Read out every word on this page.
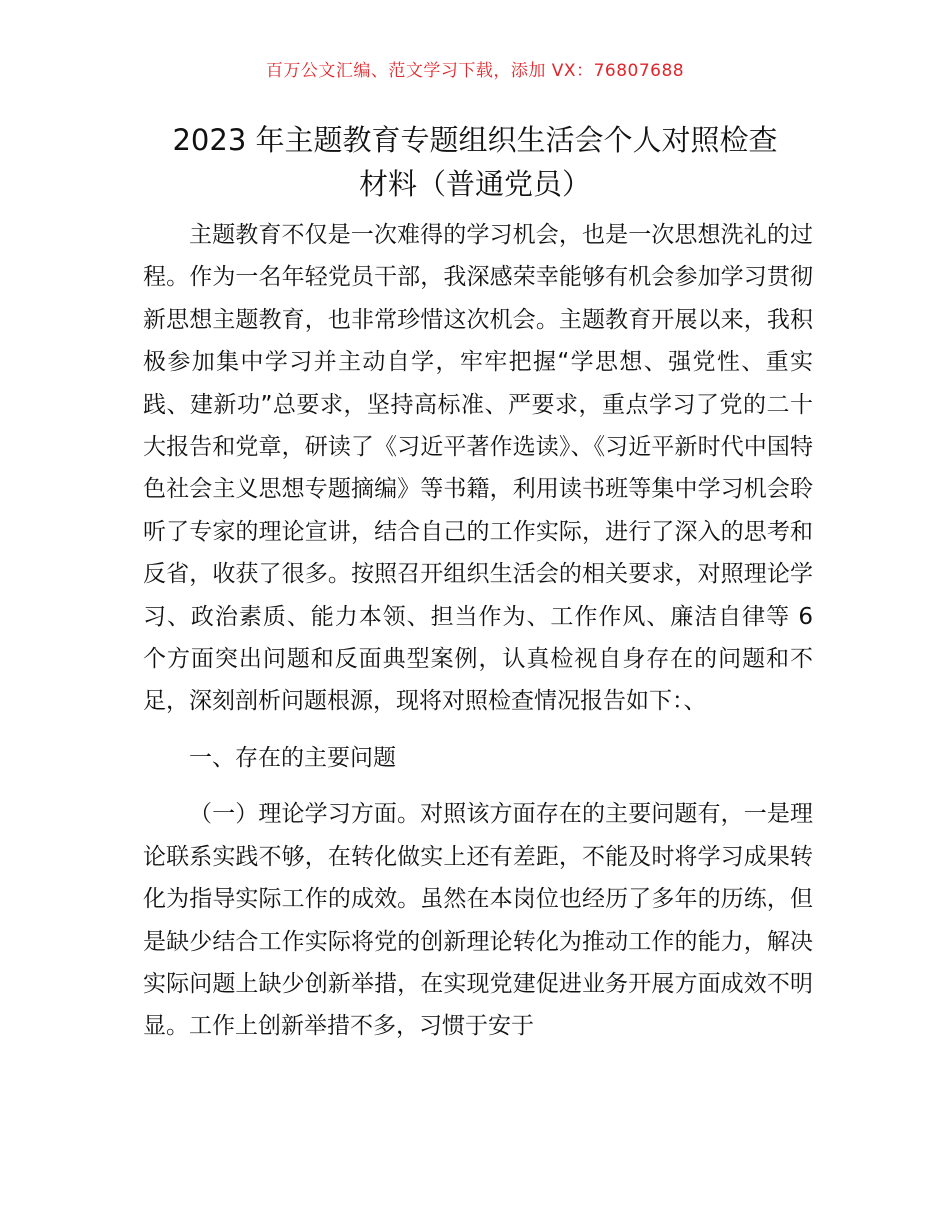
百万公文汇编、范文学习下载，添加 VX：76807688
2023 年主题教育专题组织生活会个人对照检查
材料（普通党员）

主题教育不仅是一次难得的学习机会，也是一次思想洗礼的过程。作为一名年轻党员干部，我深感荣幸能够有机会参加学习贯彻新思想主题教育，也非常珍惜这次机会。主题教育开展以来，我积极参加集中学习并主动自学，牢牢把握“学思想、强党性、重实践、建新功”总要求，坚持高标准、严要求，重点学习了党的二十大报告和党章，研读了《习近平著作选读》、《习近平新时代中国特色社会主义思想专题摘编》等书籍，利用读书班等集中学习机会聆听了专家的理论宣讲，结合自己的工作实际，进行了深入的思考和反省，收获了很多。按照召开组织生活会的相关要求，对照理论学习、政治素质、能力本领、担当作为、工作作风、廉洁自律等 6 个方面突出问题和反面典型案例，认真检视自身存在的问题和不足，深刻剖析问题根源，现将对照检查情况报告如下：、

一、存在的主要问题

（一）理论学习方面。对照该方面存在的主要问题有，一是理论联系实践不够，在转化做实上还有差距，不能及时将学习成果转化为指导实际工作的成效。虽然在本岗位也经历了多年的历练，但是缺少结合工作实际将党的创新理论转化为推动工作的能力，解决实际问题上缺少创新举措，在实现党建促进业务开展方面成效不明显。工作上创新举措不多，习惯于安于
